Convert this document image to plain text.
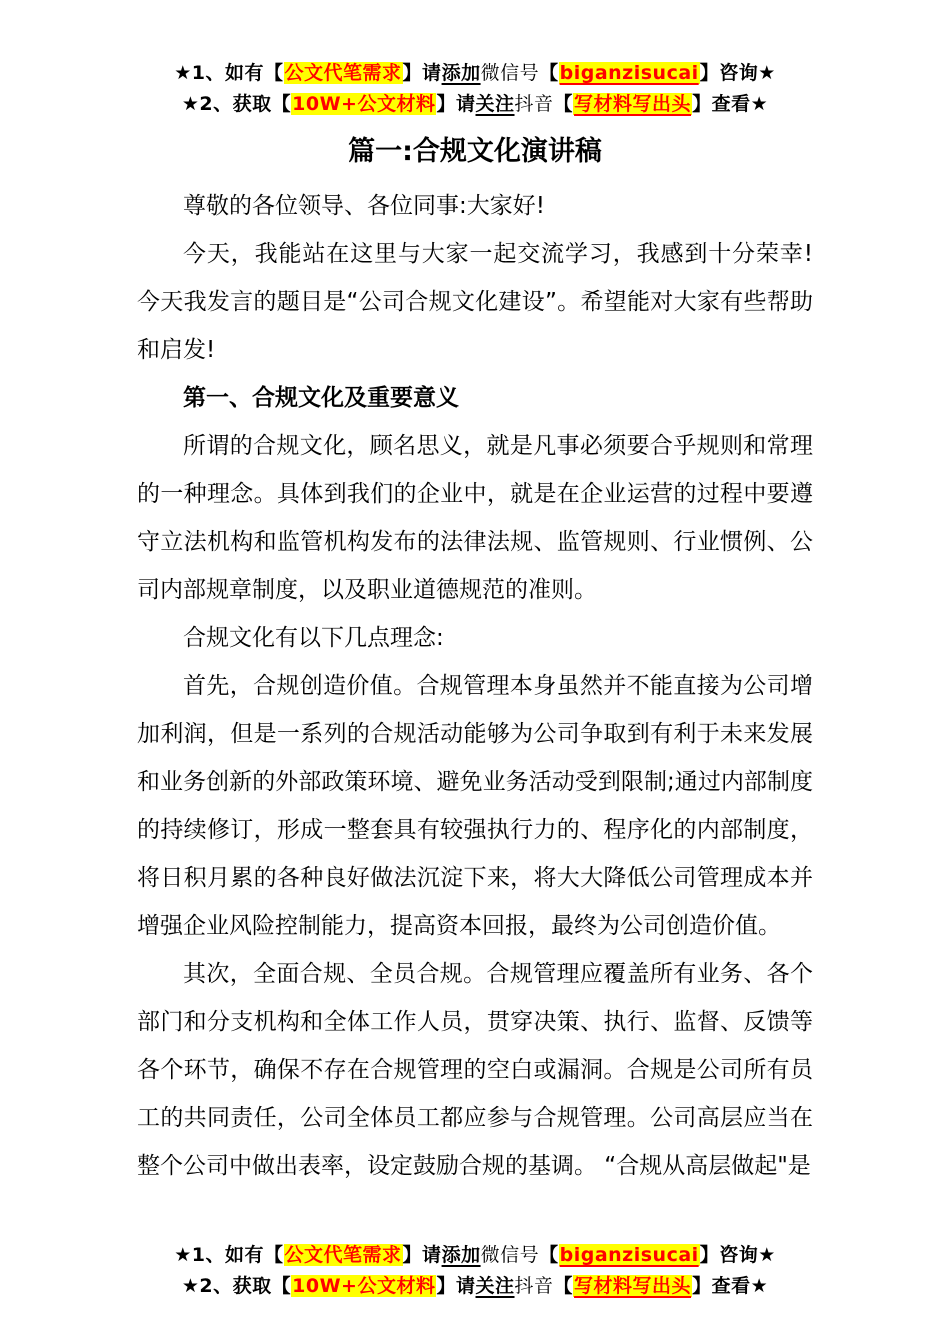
★1、如有【公文代笔需求】请添加微信号【biganzisucai】咨询★
★2、获取【10W+公文材料】请关注抖音【写材料写出头】查看★
篇一:合规文化演讲稿

尊敬的各位领导、各位同事:大家好!

今天，我能站在这里与大家一起交流学习，我感到十分荣幸!今天我发言的题目是“公司合规文化建设”。希望能对大家有些帮助和启发!

第一、合规文化及重要意义

所谓的合规文化，顾名思义，就是凡事必须要合乎规则和常理的一种理念。具体到我们的企业中，就是在企业运营的过程中要遵守立法机构和监管机构发布的法律法规、监管规则、行业惯例、公司内部规章制度，以及职业道德规范的准则。

合规文化有以下几点理念:

首先，合规创造价值。合规管理本身虽然并不能直接为公司增加利润，但是一系列的合规活动能够为公司争取到有利于未来发展和业务创新的外部政策环境、避免业务活动受到限制;通过内部制度的持续修订，形成一整套具有较强执行力的、程序化的内部制度，将日积月累的各种良好做法沉淀下来，将大大降低公司管理成本并增强企业风险控制能力，提高资本回报，最终为公司创造价值。

其次，全面合规、全员合规。合规管理应覆盖所有业务、各个部门和分支机构和全体工作人员，贯穿决策、执行、监督、反馈等各个环节，确保不存在合规管理的空白或漏洞。合规是公司所有员工的共同责任，公司全体员工都应参与合规管理。公司高层应当在整个公司中做出表率，设定鼓励合规的基调。 “合规从高层做起"是

★1、如有【公文代笔需求】请添加微信号【biganzisucai】咨询★
★2、获取【10W+公文材料】请关注抖音【写材料写出头】查看★
